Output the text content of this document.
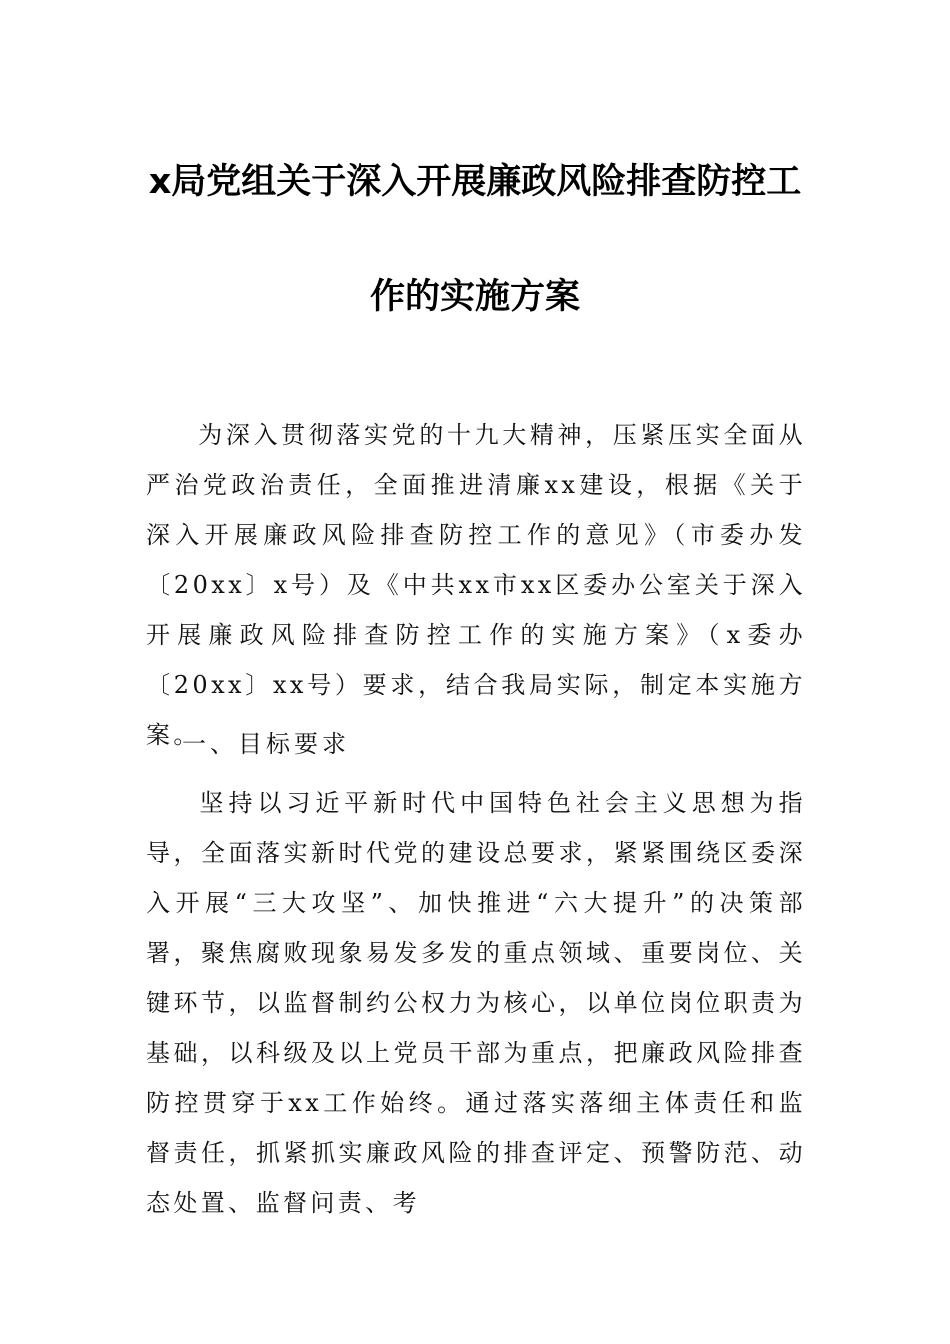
x局党组关于深入开展廉政风险排查防控工
作的实施方案
为深入贯彻落实党的十九大精神，压紧压实全面从严治党政治责任，全面推进清廉xx建设，根据《关于深入开展廉政风险排查防控工作的意见》（市委办发〔20xx〕x号）及《中共xx市xx区委办公室关于深入开展廉政风险排查防控工作的实施方案》（x委办〔20xx〕xx号）要求，结合我局实际，制定本实施方案。
一、目标要求
坚持以习近平新时代中国特色社会主义思想为指导，全面落实新时代党的建设总要求，紧紧围绕区委深入开展“三大攻坚”、加快推进“六大提升”的决策部署，聚焦腐败现象易发多发的重点领域、重要岗位、关键环节，以监督制约公权力为核心，以单位岗位职责为基础，以科级及以上党员干部为重点，把廉政风险排查防控贯穿于xx工作始终。通过落实落细主体责任和监督责任，抓紧抓实廉政风险的排查评定、预警防范、动态处置、监督问责、考
